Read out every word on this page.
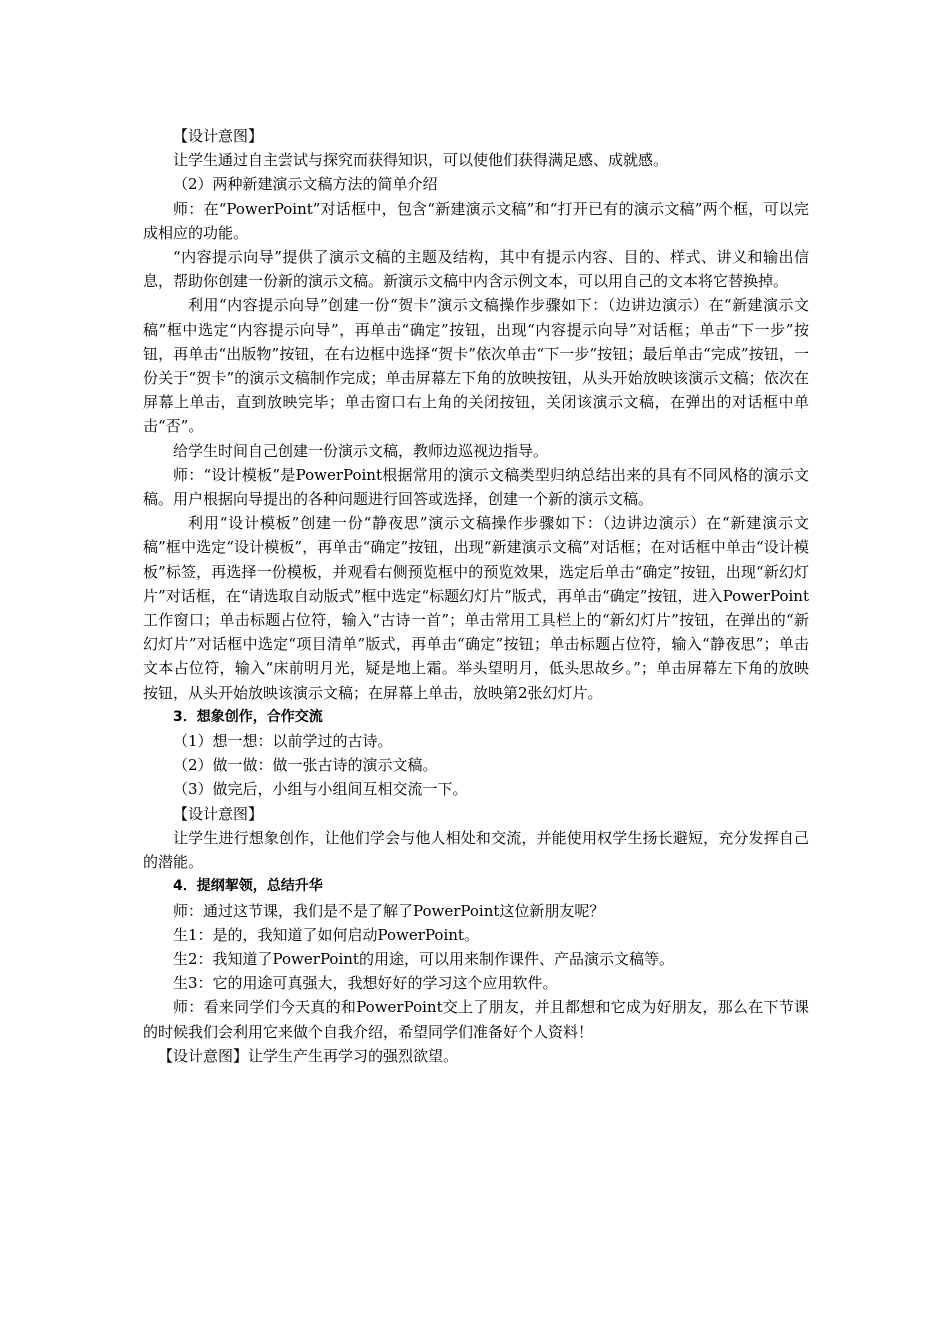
【设计意图】

让学生通过自主尝试与探究而获得知识，可以使他们获得满足感、成就感。

（2）两种新建演示文稿方法的简单介绍

师：在“PowerPoint”对话框中，包含“新建演示文稿”和“打开已有的演示文稿”两个框，可以完成相应的功能。

“内容提示向导”提供了演示文稿的主题及结构，其中有提示内容、目的、样式、讲义和输出信息，帮助你创建一份新的演示文稿。新演示文稿中内含示例文本，可以用自己的文本将它替换掉。

利用“内容提示向导”创建一份“贺卡”演示文稿操作步骤如下：（边讲边演示）在“新建演示文稿”框中选定“内容提示向导”，再单击“确定”按钮，出现“内容提示向导”对话框；单击“下一步”按钮，再单击“出版物”按钮，在右边框中选择“贺卡”依次单击“下一步”按钮；最后单击“完成”按钮，一份关于“贺卡”的演示文稿制作完成；单击屏幕左下角的放映按钮，从头开始放映该演示文稿；依次在屏幕上单击，直到放映完毕；单击窗口右上角的关闭按钮，关闭该演示文稿，在弹出的对话框中单击“否”。

给学生时间自己创建一份演示文稿，教师边巡视边指导。

师：“设计模板”是PowerPoint根据常用的演示文稿类型归纳总结出来的具有不同风格的演示文稿。用户根据向导提出的各种问题进行回答或选择，创建一个新的演示文稿。

利用“设计模板”创建一份“静夜思”演示文稿操作步骤如下：（边讲边演示）在“新建演示文稿”框中选定“设计模板”，再单击“确定”按钮，出现“新建演示文稿”对话框；在对话框中单击“设计模板”标签，再选择一份模板，并观看右侧预览框中的预览效果，选定后单击“确定”按钮，出现“新幻灯片”对话框，在“请选取自动版式”框中选定“标题幻灯片”版式，再单击“确定”按钮，进入PowerPoint工作窗口；单击标题占位符，输入“古诗一首”；单击常用工具栏上的“新幻灯片”按钮，在弹出的“新幻灯片”对话框中选定“项目清单”版式，再单击“确定”按钮；单击标题占位符，输入“静夜思”；单击文本占位符，输入“床前明月光，疑是地上霜。举头望明月，低头思故乡。”；单击屏幕左下角的放映按钮，从头开始放映该演示文稿；在屏幕上单击，放映第2张幻灯片。

3．想象创作，合作交流

（1）想一想：以前学过的古诗。

（2）做一做：做一张古诗的演示文稿。

（3）做完后，小组与小组间互相交流一下。

【设计意图】

让学生进行想象创作，让他们学会与他人相处和交流，并能使用权学生扬长避短，充分发挥自己的潜能。

4．提纲挈领，总结升华

师：通过这节课，我们是不是了解了PowerPoint这位新朋友呢？

生1：是的，我知道了如何启动PowerPoint。

生2：我知道了PowerPoint的用途，可以用来制作课件、产品演示文稿等。

生3：它的用途可真强大，我想好好的学习这个应用软件。

师：看来同学们今天真的和PowerPoint交上了朋友，并且都想和它成为好朋友，那么在下节课的时候我们会利用它来做个自我介绍，希望同学们准备好个人资料！

【设计意图】让学生产生再学习的强烈欲望。
